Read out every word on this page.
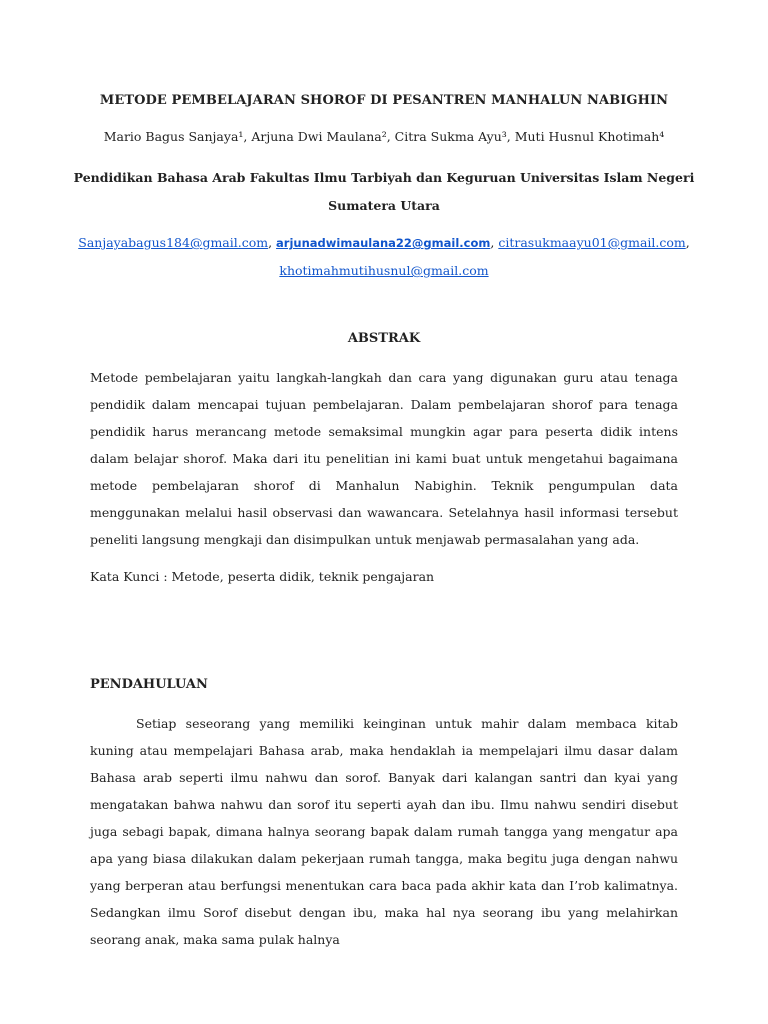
METODE PEMBELAJARAN SHOROF DI PESANTREN MANHALUN NABIGHIN
Mario Bagus Sanjaya¹, Arjuna Dwi Maulana², Citra Sukma Ayu³, Muti Husnul Khotimah⁴
Pendidikan Bahasa Arab Fakultas Ilmu Tarbiyah dan Keguruan Universitas Islam Negeri Sumatera Utara
Sanjayabagus184@gmail.com, arjunadwimaulana22@gmail.com, citrasukmaayu01@gmail.com,
khotimahmutihusnul@gmail.com
ABSTRAK

Metode pembelajaran yaitu langkah-langkah dan cara yang digunakan guru atau tenaga pendidik dalam mencapai tujuan pembelajaran. Dalam pembelajaran shorof para tenaga pendidik harus merancang metode semaksimal mungkin agar para peserta didik intens dalam belajar shorof. Maka dari itu penelitian ini kami buat untuk mengetahui bagaimana metode pembelajaran shorof di Manhalun Nabighin. Teknik pengumpulan data menggunakan melalui hasil observasi dan wawancara. Setelahnya hasil informasi tersebut peneliti langsung mengkaji dan disimpulkan untuk menjawab permasalahan yang ada.

Kata Kunci : Metode, peserta didik, teknik pengajaran
PENDAHULUAN

Setiap seseorang yang memiliki keinginan untuk mahir dalam membaca kitab kuning atau mempelajari Bahasa arab, maka hendaklah ia mempelajari ilmu dasar dalam Bahasa arab seperti ilmu nahwu dan sorof. Banyak dari kalangan santri dan kyai yang mengatakan bahwa nahwu dan sorof itu seperti ayah dan ibu. Ilmu nahwu sendiri disebut juga sebagi bapak, dimana halnya seorang bapak dalam rumah tangga yang mengatur apa apa yang biasa dilakukan dalam pekerjaan rumah tangga, maka begitu juga dengan nahwu yang berperan atau berfungsi menentukan cara baca pada akhir kata dan I’rob kalimatnya. Sedangkan ilmu Sorof disebut dengan ibu, maka hal nya seorang ibu yang melahirkan seorang anak, maka sama pulak halnya
